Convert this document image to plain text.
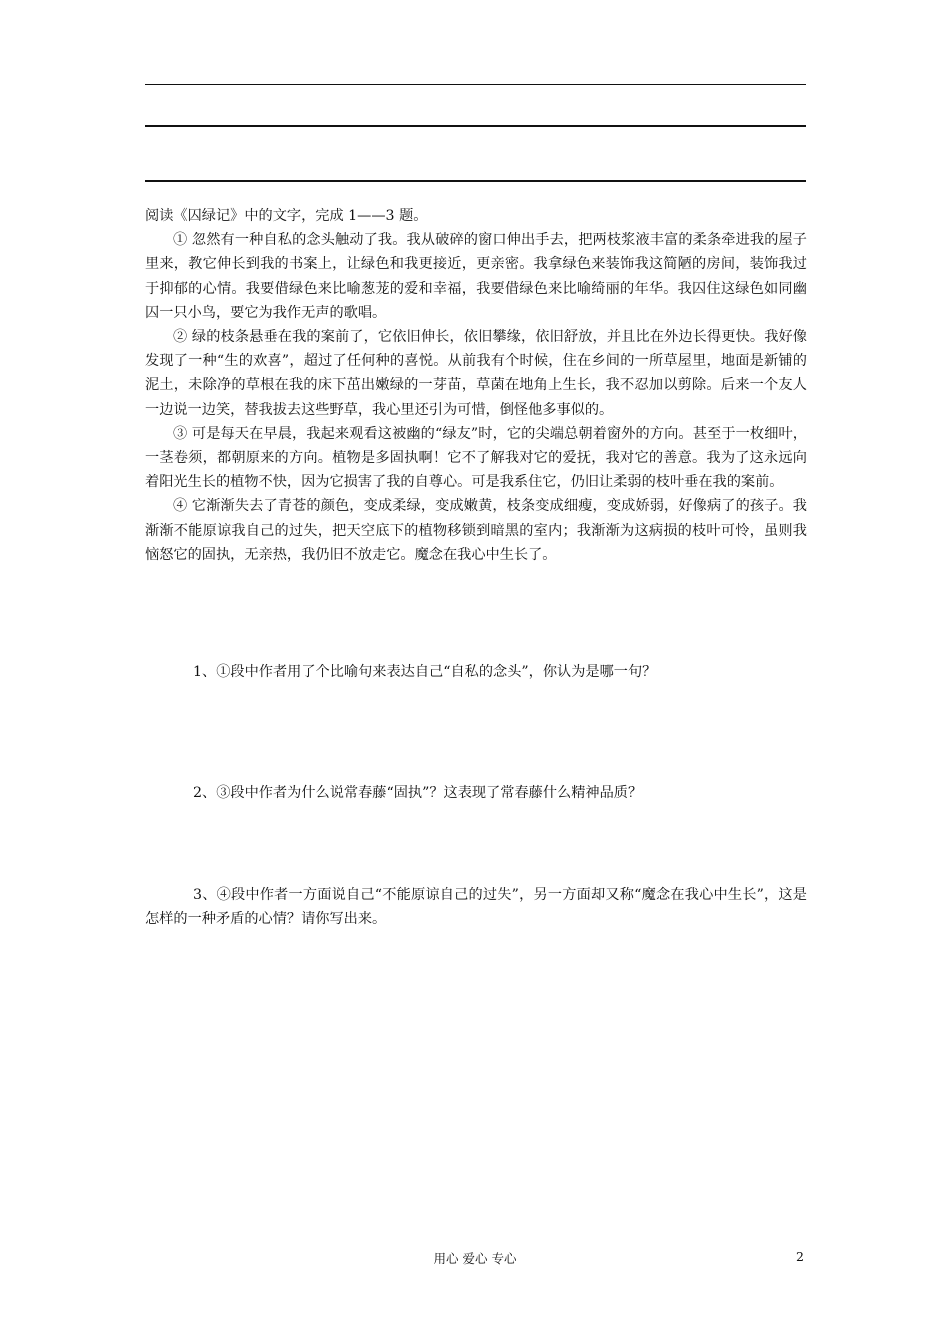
阅读《囚绿记》中的文字，完成 1——3 题。

① 忽然有一种自私的念头触动了我。我从破碎的窗口伸出手去，把两枝浆液丰富的柔条牵进我的屋子里来，教它伸长到我的书案上，让绿色和我更接近，更亲密。我拿绿色来装饰我这简陋的房间，装饰我过于抑郁的心情。我要借绿色来比喻葱茏的爱和幸福，我要借绿色来比喻绮丽的年华。我囚住这绿色如同幽囚一只小鸟，要它为我作无声的歌唱。

② 绿的枝条悬垂在我的案前了，它依旧伸长，依旧攀缘，依旧舒放，并且比在外边长得更快。我好像发现了一种“生的欢喜”，超过了任何种的喜悦。从前我有个时候，住在乡间的一所草屋里，地面是新铺的泥土，未除净的草根在我的床下茁出嫩绿的一芽苗，草菌在地角上生长，我不忍加以剪除。后来一个友人一边说一边笑，替我拔去这些野草，我心里还引为可惜，倒怪他多事似的。

③ 可是每天在早晨，我起来观看这被幽的“绿友”时，它的尖端总朝着窗外的方向。甚至于一枚细叶，一茎卷须，都朝原来的方向。植物是多固执啊！它不了解我对它的爱抚，我对它的善意。我为了这永远向着阳光生长的植物不快，因为它损害了我的自尊心。可是我系住它，仍旧让柔弱的枝叶垂在我的案前。

④ 它渐渐失去了青苍的颜色，变成柔绿，变成嫩黄，枝条变成细瘦，变成娇弱，好像病了的孩子。我渐渐不能原谅我自己的过失，把天空底下的植物移锁到暗黑的室内；我渐渐为这病损的枝叶可怜，虽则我恼怒它的固执，无亲热，我仍旧不放走它。魔念在我心中生长了。

1、①段中作者用了个比喻句来表达自己“自私的念头”，你认为是哪一句？

2、③段中作者为什么说常春藤“固执”？这表现了常春藤什么精神品质？

3、④段中作者一方面说自己“不能原谅自己的过失”，另一方面却又称“魔念在我心中生长”，这是怎样的一种矛盾的心情？请你写出来。

用心 爱心 专心	2
